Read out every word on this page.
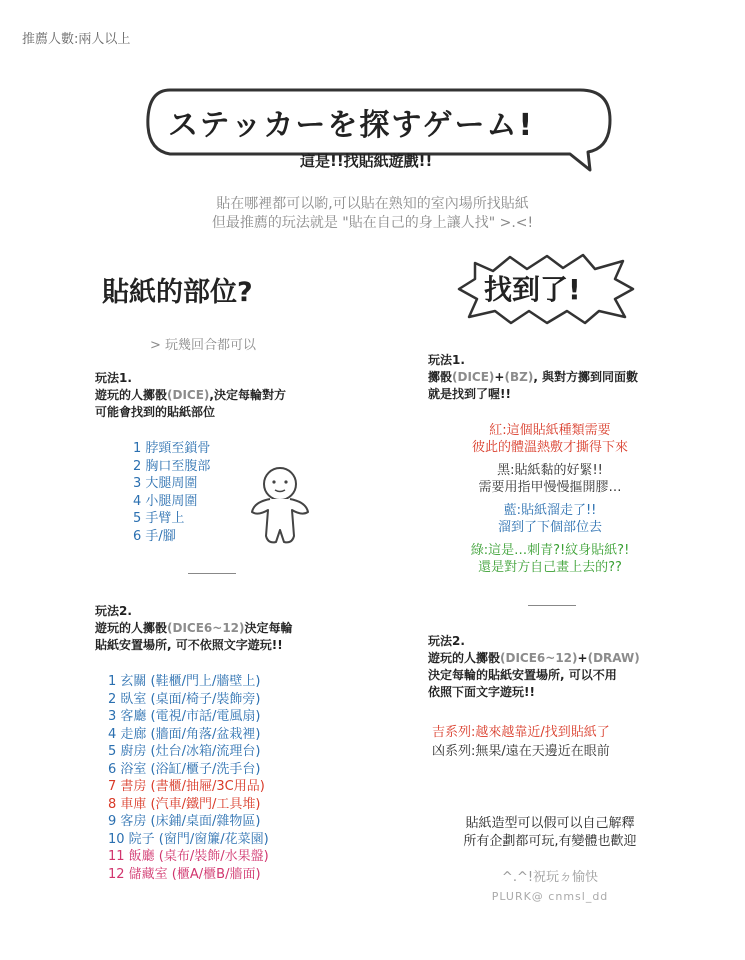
推薦人數:兩人以上
ステッカーを探すゲーム!
這是!!找貼紙遊戲!!
貼在哪裡都可以喲,可以貼在熟知的室內場所找貼紙
但最推薦的玩法就是 "貼在自己的身上讓人找" >.<!
貼紙的部位?
> 玩幾回合都可以
玩法1.
遊玩的人擲骰(DICE),決定每輪對方
可能會找到的貼紙部位
1 脖頸至鎖骨
2 胸口至腹部
3 大腿周圍
4 小腿周圍
5 手臂上
6 手/腳
玩法2.
遊玩的人擲骰(DICE6~12)決定每輪
貼紙安置場所, 可不依照文字遊玩!!
1 玄關 (鞋櫃/門上/牆壁上)
2 臥室 (桌面/椅子/裝飾旁)
3 客廳 (電視/市話/電風扇)
4 走廊 (牆面/角落/盆栽裡)
5 廚房 (灶台/冰箱/流理台)
6 浴室 (浴缸/櫃子/洗手台)
7 書房 (書櫃/抽屜/3C用品)
8 車庫 (汽車/鐵門/工具堆)
9 客房 (床鋪/桌面/雜物區)
10 院子 (窗門/窗簾/花菜園)
11 飯廳 (桌布/裝飾/水果盤)
12 儲藏室 (櫃A/櫃B/牆面)
找到了!
玩法1.
擲骰(DICE)+(BZ), 與對方擲到同面數
就是找到了喔!!
紅:這個貼紙種類需要
彼此的體溫熱敷才撕得下來
黑:貼紙黏的好緊!!
需要用指甲慢慢摳開膠…
藍:貼紙溜走了!!
溜到了下個部位去
綠:這是…刺青?!紋身貼紙?!
還是對方自己畫上去的??
玩法2.
遊玩的人擲骰(DICE6~12)+(DRAW)
決定每輪的貼紙安置場所, 可以不用
依照下面文字遊玩!!
吉系列:越來越靠近/找到貼紙了
凶系列:無果/遠在天邊近在眼前
貼紙造型可以假可以自己解釋
所有企劃都可玩,有變體也歡迎
^.^!祝玩ㄉ愉快
PLURK@ cnmsl_dd
